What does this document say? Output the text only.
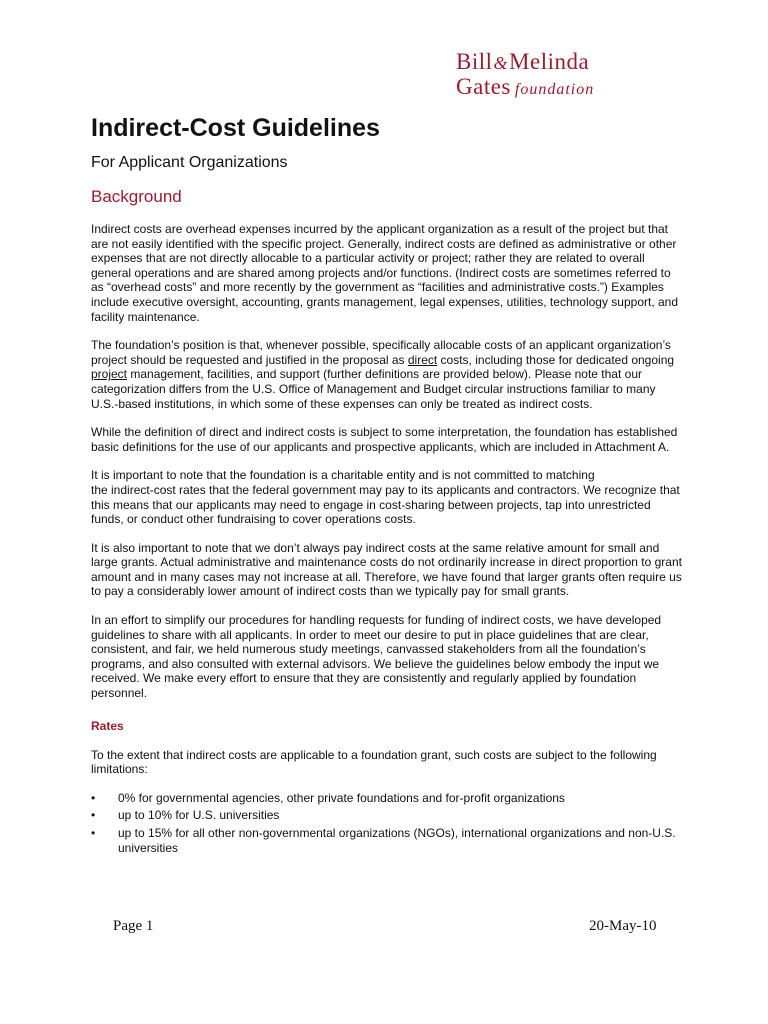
Bill&Melinda
Gates foundation
Indirect-Cost Guidelines
For Applicant Organizations
Background

Indirect costs are overhead expenses incurred by the applicant organization as a result of the project but that are not easily identified with the specific project. Generally, indirect costs are defined as administrative or other expenses that are not directly allocable to a particular activity or project; rather they are related to overall general operations and are shared among projects and/or functions. (Indirect costs are sometimes referred to as “overhead costs” and more recently by the government as “facilities and administrative costs.”) Examples include executive oversight, accounting, grants management, legal expenses, utilities, technology support, and facility maintenance.

The foundation’s position is that, whenever possible, specifically allocable costs of an applicant organization’s project should be requested and justified in the proposal as direct costs, including those for dedicated ongoing project management, facilities, and support (further definitions are provided below). Please note that our categorization differs from the U.S. Office of Management and Budget circular instructions familiar to many U.S.-based institutions, in which some of these expenses can only be treated as indirect costs.

While the definition of direct and indirect costs is subject to some interpretation, the foundation has established basic definitions for the use of our applicants and prospective applicants, which are included in Attachment A.

It is important to note that the foundation is a charitable entity and is not committed to matching
the indirect-cost rates that the federal government may pay to its applicants and contractors. We recognize that this means that our applicants may need to engage in cost-sharing between projects, tap into unrestricted funds, or conduct other fundraising to cover operations costs.

It is also important to note that we don’t always pay indirect costs at the same relative amount for small and large grants. Actual administrative and maintenance costs do not ordinarily increase in direct proportion to grant amount and in many cases may not increase at all. Therefore, we have found that larger grants often require us to pay a considerably lower amount of indirect costs than we typically pay for small grants.

In an effort to simplify our procedures for handling requests for funding of indirect costs, we have developed guidelines to share with all applicants. In order to meet our desire to put in place guidelines that are clear, consistent, and fair, we held numerous study meetings, canvassed stakeholders from all the foundation’s programs, and also consulted with external advisors. We believe the guidelines below embody the input we received. We make every effort to ensure that they are consistently and regularly applied by foundation personnel.

Rates

To the extent that indirect costs are applicable to a foundation grant, such costs are subject to the following limitations:

• 0% for governmental agencies, other private foundations and for-profit organizations
• up to 10% for U.S. universities
• up to 15% for all other non-governmental organizations (NGOs), international organizations and non-U.S. universities
Page 1	20-May-10
